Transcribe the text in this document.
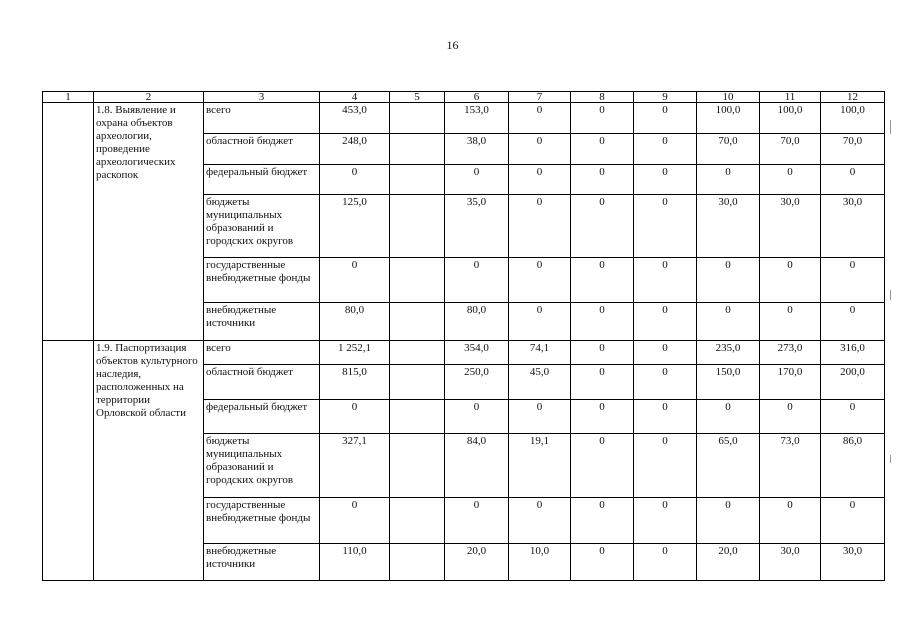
16
1	2	3	4	5	6	7	8	9	10	11	12
	1.8. Выявление и охрана объектов археологии, проведение археологических раскопок	всего	453,0		153,0	0	0	0	100,0	100,0	100,0
		областной бюджет	248,0		38,0	0	0	0	70,0	70,0	70,0
		федеральный бюджет	0		0	0	0	0	0	0	0
		бюджеты муниципальных образований и городских округов	125,0		35,0	0	0	0	30,0	30,0	30,0
		государственные внебюджетные фонды	0		0	0	0	0	0	0	0
		внебюджетные источники	80,0		80,0	0	0	0	0	0	0
	1.9. Паспортизация объектов культурного наследия, расположенных на территории Орловской области	всего	1 252,1		354,0	74,1	0	0	235,0	273,0	316,0
		областной бюджет	815,0		250,0	45,0	0	0	150,0	170,0	200,0
		федеральный бюджет	0		0	0	0	0	0	0	0
		бюджеты муниципальных образований и городских округов	327,1		84,0	19,1	0	0	65,0	73,0	86,0
		государственные внебюджетные фонды	0		0	0	0	0	0	0	0
		внебюджетные источники	110,0		20,0	10,0	0	0	20,0	30,0	30,0
